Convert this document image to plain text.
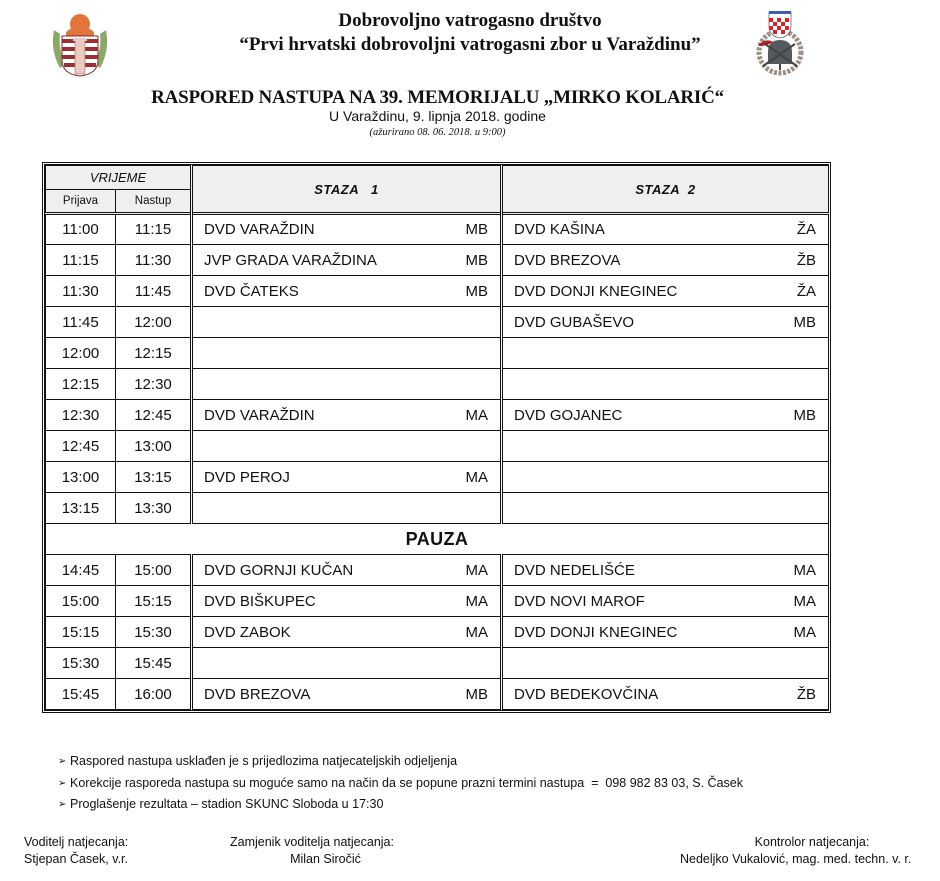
Dobrovoljno vatrogasno društvo
“Prvi hrvatski dobrovoljni vatrogasni zbor u Varaždinu”
RASPORED NASTUPA NA 39. MEMORIJALU „MIRKO KOLARIĆ“
U Varaždinu, 9. lipnja 2018. godine
(ažurirano 08. 06. 2018. u 9:00)
VRIJEME		STAZA   1	STAZA  2
Prijava	Nastup		
11:00	11:15	DVD VARAŽDIN MB	DVD KAŠINA ŽA

11:15	11:30	JVP GRADA VARAŽDINA MB	DVD BREZOVA ŽB

11:30	11:45	DVD ČATEKS MB	DVD DONJI KNEGINEC ŽA

11:45	12:00		DVD GUBAŠEVO MB

12:00	12:15	

12:15	12:30	

12:30	12:45	DVD VARAŽDIN MA	DVD GOJANEC MB

12:45	13:00	

13:00	13:15	DVD PEROJ MA	

13:15	13:30	

PAUZA			
14:45	15:00	DVD GORNJI KUČAN MA	DVD NEDELIŠĆE MA

15:00	15:15	DVD BIŠKUPEC MA	DVD NOVI MAROF MA

15:15	15:30	DVD ZABOK MA	DVD DONJI KNEGINEC MA

15:30	15:45	

15:45	16:00	DVD BREZOVA MB	DVD BEDEKOVČINA ŽB
➢ Raspored nastupa usklađen je s prijedlozima natjecateljskih odjeljenja
➢ Korekcije rasporeda nastupa su moguće samo na način da se popune prazni termini nastupa  =  098 982 83 03, S. Časek
➢ Proglašenje rezultata – stadion SKUNC Sloboda u 17:30
Voditelj natjecanja:
Stjepan Časek, v.r.
Zamjenik voditelja natjecanja:
Milan Siročić
Kontrolor natjecanja:
Nedeljko Vukalović, mag. med. techn. v. r.
